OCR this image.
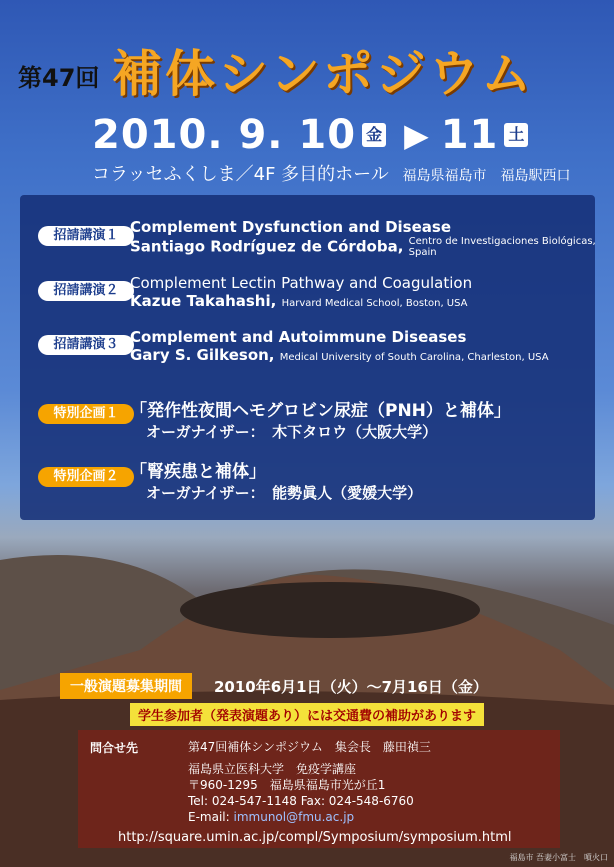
第47回 補体シンポジウム
2010. 9. 10 金 ▶ 11 土
コラッセふくしま／4F 多目的ホール 福島県福島市　福島駅西口
招請講演１ Complement Dysfunction and Disease
Santiago Rodríguez de Córdoba, Centro de Investigaciones Biológicas,
Spain
招請講演２ Complement Lectin Pathway and Coagulation
Kazue Takahashi, Harvard Medical School, Boston, USA
招請講演３ Complement and Autoimmune Diseases
Gary S. Gilkeson, Medical University of South Carolina, Charleston, USA
特別企画１ 「発作性夜間ヘモグロビン尿症（PNH）と補体」
オーガナイザー：　木下タロウ（大阪大学）
特別企画２ 「腎疾患と補体」
オーガナイザー：　能勢眞人（愛媛大学）
一般演題募集期間	2010年6月1日（火）～7月16日（金）
学生参加者（発表演題あり）には交通費の補助があります
問合せ先	第47回補体シンポジウム　集会長　藤田禎三
福島県立医科大学　免疫学講座
〒960-1295　福島県福島市光が丘1
Tel: 024-547-1148 Fax: 024-548-6760
E-mail: immunol@fmu.ac.jp
http://square.umin.ac.jp/compl/Symposium/symposium.html
福島市 吾妻小富士　噴火口
